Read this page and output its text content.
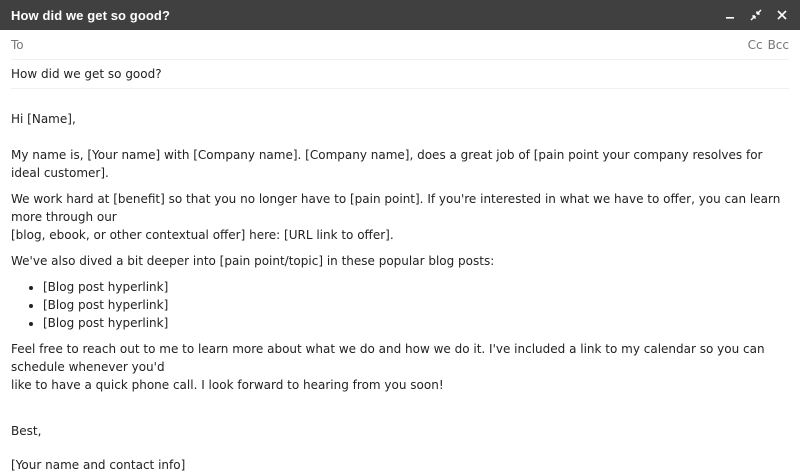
How did we get so good?
To	Cc Bcc
How did we get so good?

Hi [Name],

My name is, [Your name] with [Company name]. [Company name], does a great job of [pain point your company resolves for ideal customer].

We work hard at [benefit] so that you no longer have to [pain point]. If you're interested in what we have to offer, you can learn more through our
[blog, ebook, or other contextual offer] here: [URL link to offer].

We've also dived a bit deeper into [pain point/topic] in these popular blog posts:

• [Blog post hyperlink]
• [Blog post hyperlink]
• [Blog post hyperlink]

Feel free to reach out to me to learn more about what we do and how we do it. I've included a link to my calendar so you can schedule whenever you'd
like to have a quick phone call. I look forward to hearing from you soon!

Best,

[Your name and contact info]
